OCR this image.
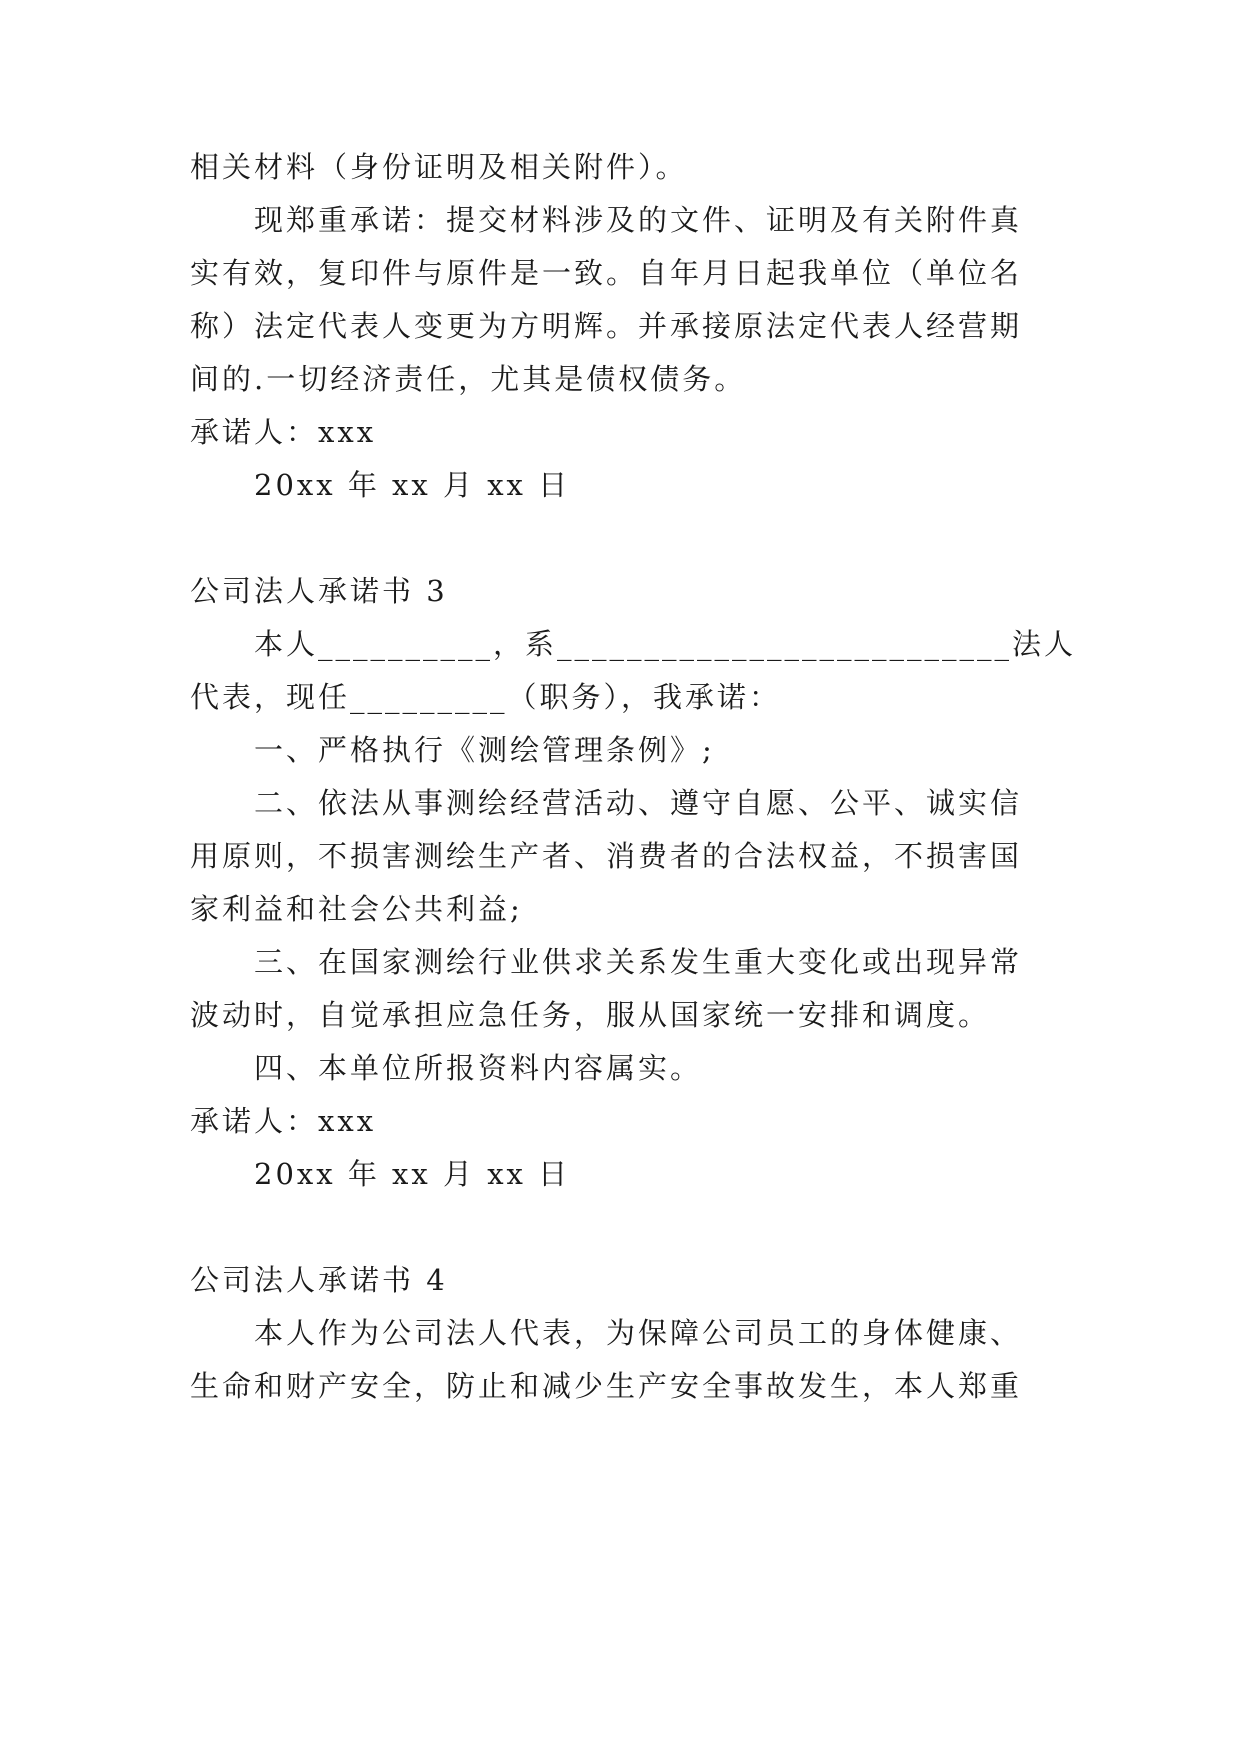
相关材料（身份证明及相关附件）。
现郑重承诺：提交材料涉及的文件、证明及有关附件真
实有效，复印件与原件是一致。自年月日起我单位（单位名
称）法定代表人变更为方明辉。并承接原法定代表人经营期
间的.一切经济责任，尤其是债权债务。
承诺人：xxx
20xx 年 xx 月 xx 日
公司法人承诺书 3
本人__________，系__________________________法人
代表，现任_________（职务），我承诺：
一、严格执行《测绘管理条例》;
二、依法从事测绘经营活动、遵守自愿、公平、诚实信
用原则，不损害测绘生产者、消费者的合法权益，不损害国
家利益和社会公共利益;
三、在国家测绘行业供求关系发生重大变化或出现异常
波动时，自觉承担应急任务，服从国家统一安排和调度。
四、本单位所报资料内容属实。
承诺人：xxx
20xx 年 xx 月 xx 日
公司法人承诺书 4
本人作为公司法人代表，为保障公司员工的身体健康、
生命和财产安全，防止和减少生产安全事故发生，本人郑重
